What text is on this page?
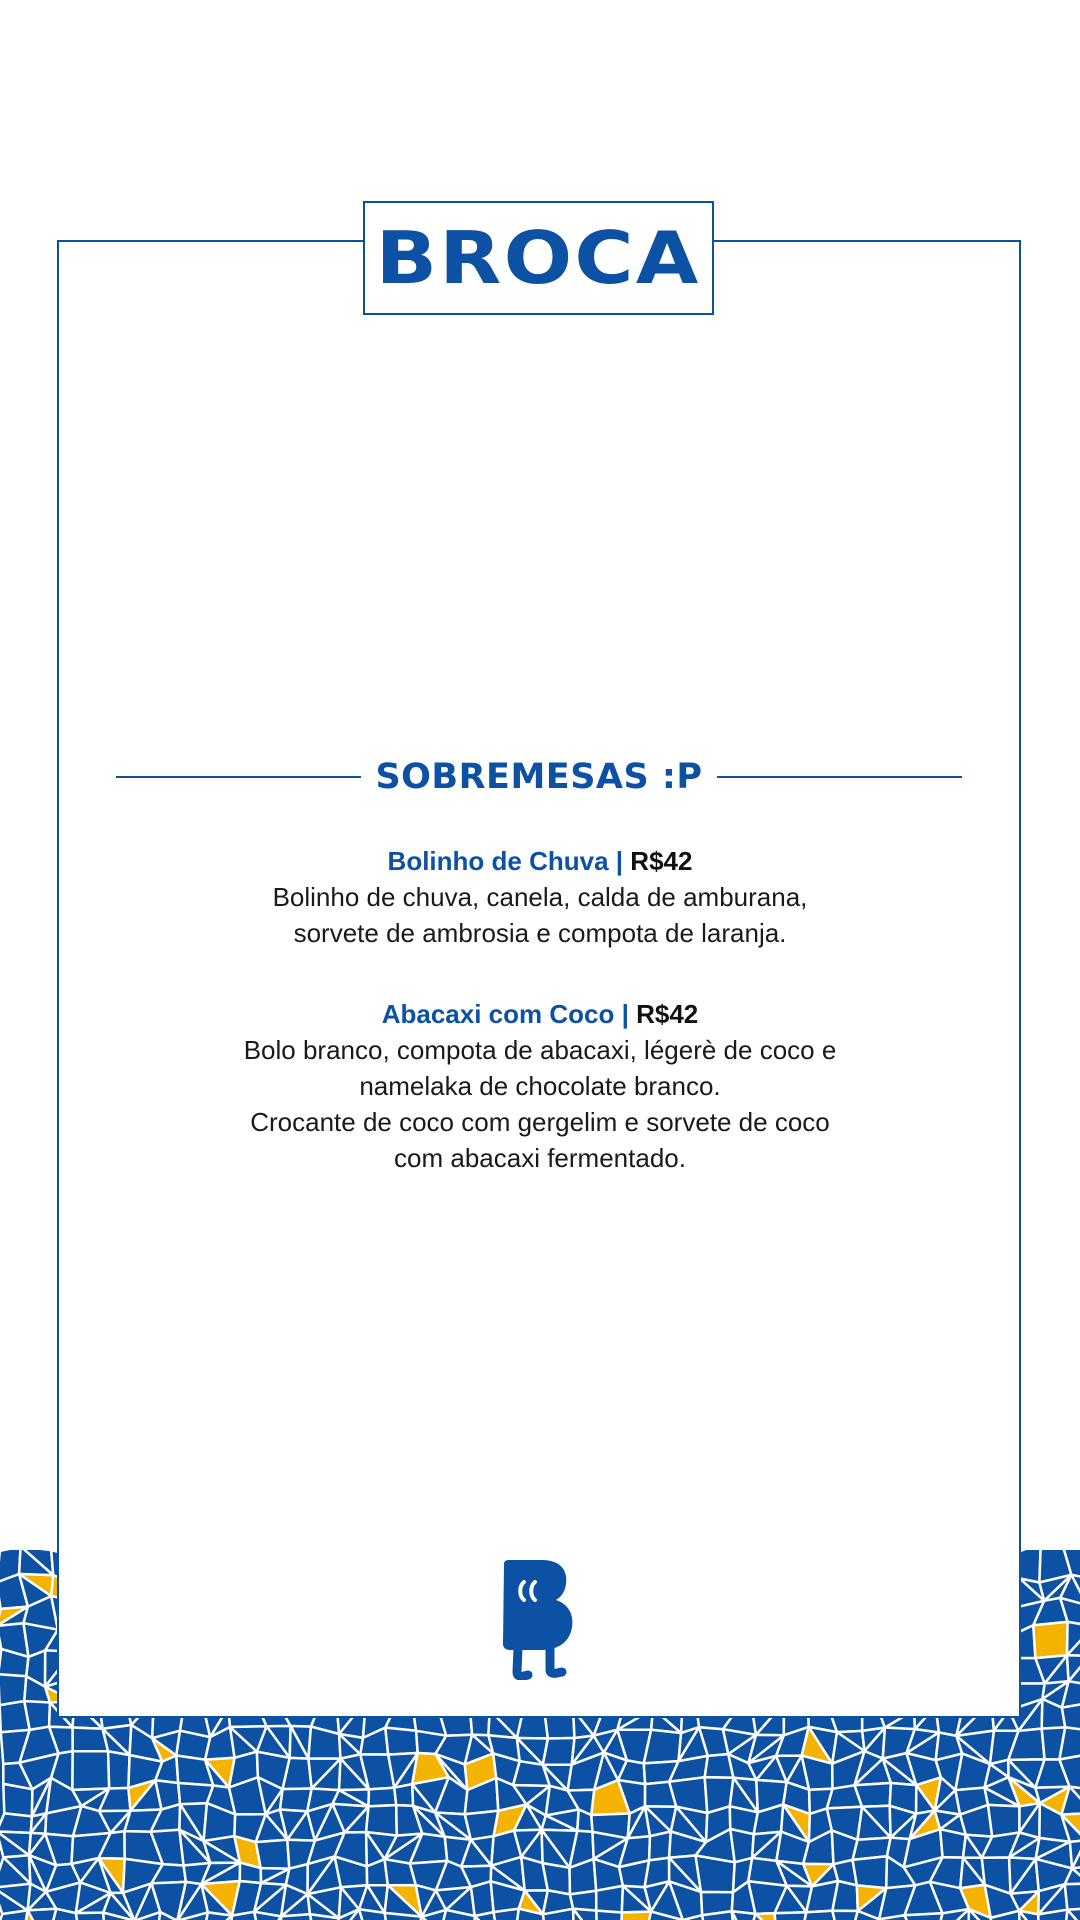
BROCA
SOBREMESAS :P
Bolinho de Chuva | R$42
Bolinho de chuva, canela, calda de amburana,
sorvete de ambrosia e compota de laranja.
Abacaxi com Coco | R$42
Bolo branco, compota de abacaxi, légerè de coco e
namelaka de chocolate branco.
Crocante de coco com gergelim e sorvete de coco
com abacaxi fermentado.
